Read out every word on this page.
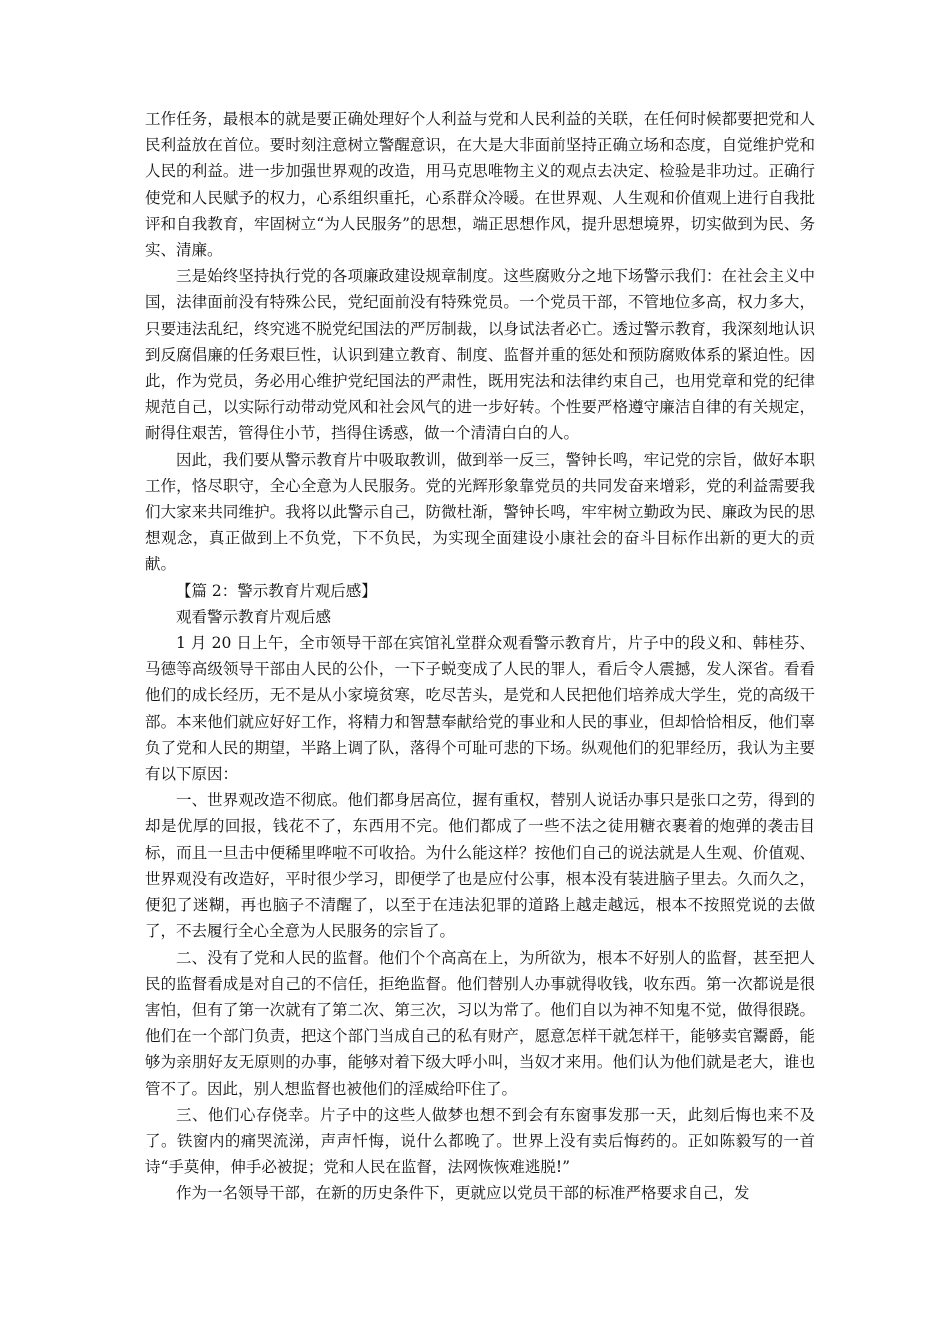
工作任务，最根本的就是要正确处理好个人利益与党和人民利益的关联，在任何时候都要把党和人民利益放在首位。要时刻注意树立警醒意识，在大是大非面前坚持正确立场和态度，自觉维护党和人民的利益。进一步加强世界观的改造，用马克思唯物主义的观点去决定、检验是非功过。正确行使党和人民赋予的权力，心系组织重托，心系群众冷暖。在世界观、人生观和价值观上进行自我批评和自我教育，牢固树立“为人民服务”的思想，端正思想作风，提升思想境界，切实做到为民、务实、清廉。

三是始终坚持执行党的各项廉政建设规章制度。这些腐败分之地下场警示我们：在社会主义中国，法律面前没有特殊公民，党纪面前没有特殊党员。一个党员干部，不管地位多高，权力多大，只要违法乱纪，终究逃不脱党纪国法的严厉制裁，以身试法者必亡。透过警示教育，我深刻地认识到反腐倡廉的任务艰巨性，认识到建立教育、制度、监督并重的惩处和预防腐败体系的紧迫性。因此，作为党员，务必用心维护党纪国法的严肃性，既用宪法和法律约束自己，也用党章和党的纪律规范自己，以实际行动带动党风和社会风气的进一步好转。个性要严格遵守廉洁自律的有关规定，耐得住艰苦，管得住小节，挡得住诱惑，做一个清清白白的人。

因此，我们要从警示教育片中吸取教训，做到举一反三，警钟长鸣，牢记党的宗旨，做好本职工作，恪尽职守，全心全意为人民服务。党的光辉形象靠党员的共同发奋来增彩，党的利益需要我们大家来共同维护。我将以此警示自己，防微杜渐，警钟长鸣，牢牢树立勤政为民、廉政为民的思想观念，真正做到上不负党，下不负民，为实现全面建设小康社会的奋斗目标作出新的更大的贡献。

【篇 2：警示教育片观后感】

观看警示教育片观后感

1 月 20 日上午，全市领导干部在宾馆礼堂群众观看警示教育片，片子中的段义和、韩桂芬、马德等高级领导干部由人民的公仆，一下子蜕变成了人民的罪人，看后令人震撼，发人深省。看看他们的成长经历，无不是从小家境贫寒，吃尽苦头，是党和人民把他们培养成大学生，党的高级干部。本来他们就应好好工作，将精力和智慧奉献给党的事业和人民的事业，但却恰恰相反，他们辜负了党和人民的期望，半路上调了队，落得个可耻可悲的下场。纵观他们的犯罪经历，我认为主要有以下原因：

一、世界观改造不彻底。他们都身居高位，握有重权，替别人说话办事只是张口之劳，得到的却是优厚的回报，钱花不了，东西用不完。他们都成了一些不法之徒用糖衣裹着的炮弹的袭击目标，而且一旦击中便稀里哗啦不可收拾。为什么能这样？按他们自己的说法就是人生观、价值观、世界观没有改造好，平时很少学习，即便学了也是应付公事，根本没有装进脑子里去。久而久之，便犯了迷糊，再也脑子不清醒了，以至于在违法犯罪的道路上越走越远，根本不按照党说的去做了，不去履行全心全意为人民服务的宗旨了。

二、没有了党和人民的监督。他们个个高高在上，为所欲为，根本不好别人的监督，甚至把人民的监督看成是对自己的不信任，拒绝监督。他们替别人办事就得收钱，收东西。第一次都说是很害怕，但有了第一次就有了第二次、第三次，习以为常了。他们自以为神不知鬼不觉，做得很跷。他们在一个部门负责，把这个部门当成自己的私有财产，愿意怎样干就怎样干，能够卖官鬻爵，能够为亲朋好友无原则的办事，能够对着下级大呼小叫，当奴才来用。他们认为他们就是老大，谁也管不了。因此，别人想监督也被他们的淫威给吓住了。

三、他们心存侥幸。片子中的这些人做梦也想不到会有东窗事发那一天，此刻后悔也来不及了。铁窗内的痛哭流涕，声声忏悔，说什么都晚了。世界上没有卖后悔药的。正如陈毅写的一首诗“手莫伸，伸手必被捉；党和人民在监督，法网恢恢难逃脱!”

作为一名领导干部，在新的历史条件下，更就应以党员干部的标准严格要求自己，发
